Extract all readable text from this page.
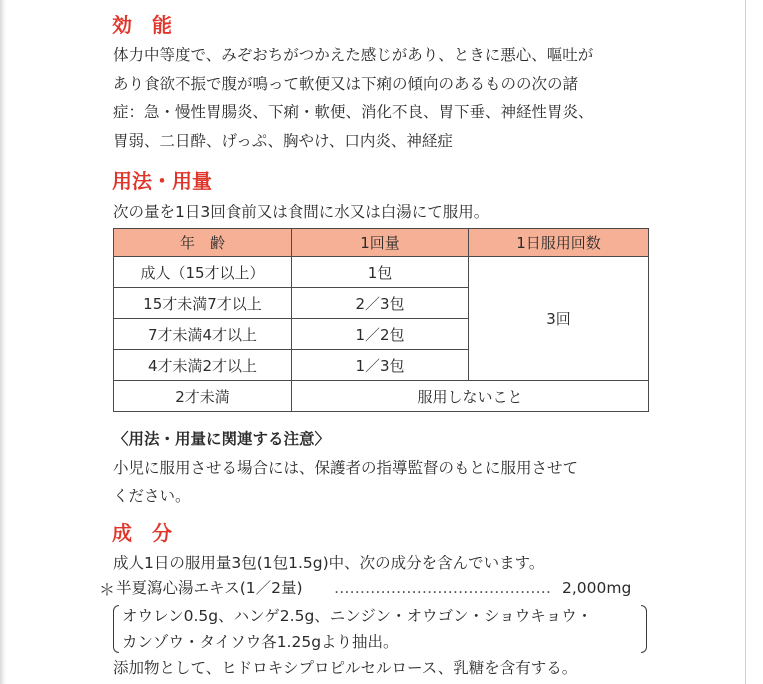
効　能

体力中等度で、みぞおちがつかえた感じがあり、ときに悪心、嘔吐が
あり食欲不振で腹が鳴って軟便又は下痢の傾向のあるものの次の諸
症：急・慢性胃腸炎、下痢・軟便、消化不良、胃下垂、神経性胃炎、
胃弱、二日酔、げっぷ、胸やけ、口内炎、神経症

用法・用量

次の量を1日3回食前又は食間に水又は白湯にて服用。

年　齢	1回量	1日服用回数
成人（15才以上）	1包	3回
15才未満7才以上	2／3包	
7才未満4才以上	1／2包	
4才未満2才以上	1／3包	
2才未満	服用しないこと	

〈用法・用量に関連する注意〉
小児に服用させる場合には、保護者の指導監督のもとに服用させて
ください。

成　分

成人1日の服用量3包(1包1.5g)中、次の成分を含んでいます。

＊ 半夏瀉心湯エキス(1／2量) …………………………………… 2,000mg

オウレン0.5g、ハンゲ2.5g、ニンジン・オウゴン・ショウキョウ・
カンゾウ・タイソウ各1.25gより抽出。

添加物として、ヒドロキシプロピルセルロース、乳糖を含有する。
